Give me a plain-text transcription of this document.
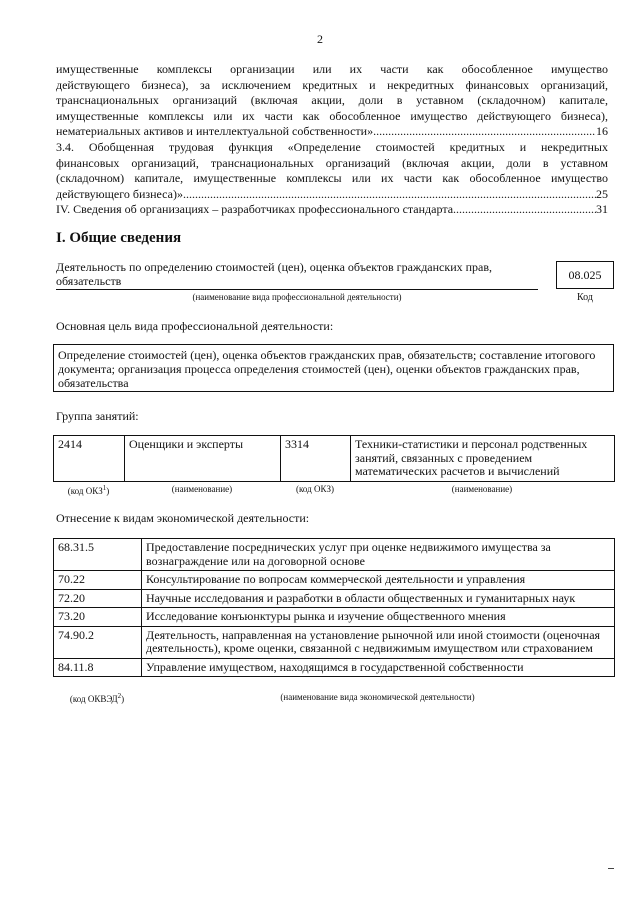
2
имущественные комплексы организации или их части как обособленное имущество
действующего бизнеса), за исключением кредитных и некредитных финансовых организаций,
транснациональных организаций (включая акции, доли в уставном (складочном) капитале,
имущественные комплексы или их части как обособленное имущество действующего бизнеса),
нематериальных активов и интеллектуальной собственности» .....	16
3.4. Обобщенная трудовая функция «Определение стоимостей кредитных и некредитных
финансовых организаций, транснациональных организаций (включая акции, доли в уставном
(складочном) капитале, имущественные комплексы или их части как обособленное имущество
действующего бизнеса)» .....	25
IV. Сведения об организациях – разработчиках профессионального стандарта .....	31
I. Общие сведения
Деятельность по определению стоимостей (цен), оценка объектов гражданских прав, обязательств
(наименование вида профессиональной деятельности)
08.025
Код
Основная цель вида профессиональной деятельности:
Определение стоимостей (цен), оценка объектов гражданских прав, обязательств; составление итогового документа; организация процесса определения стоимостей (цен), оценки объектов гражданских прав, обязательства
Группа занятий:
2414	Оценщики и эксперты	3314	Техники-статистики и персонал родственных занятий, связанных с проведением математических расчетов и вычислений
(код ОКЗ$^1$)	(наименование)	(код ОКЗ)	(наименование)
Отнесение к видам экономической деятельности:
68.31.5	Предоставление посреднических услуг при оценке недвижимого имущества за вознаграждение или на договорной основе
70.22	Консультирование по вопросам коммерческой деятельности и управления
72.20	Научные исследования и разработки в области общественных и гуманитарных наук
73.20	Исследование конъюнктуры рынка и изучение общественного мнения
74.90.2	Деятельность, направленная на установление рыночной или иной стоимости (оценочная деятельность), кроме оценки, связанной с недвижимым имуществом или страхованием
84.11.8	Управление имуществом, находящимся в государственной собственности
(код ОКВЭД$^2$)	(наименование вида экономической деятельности)
